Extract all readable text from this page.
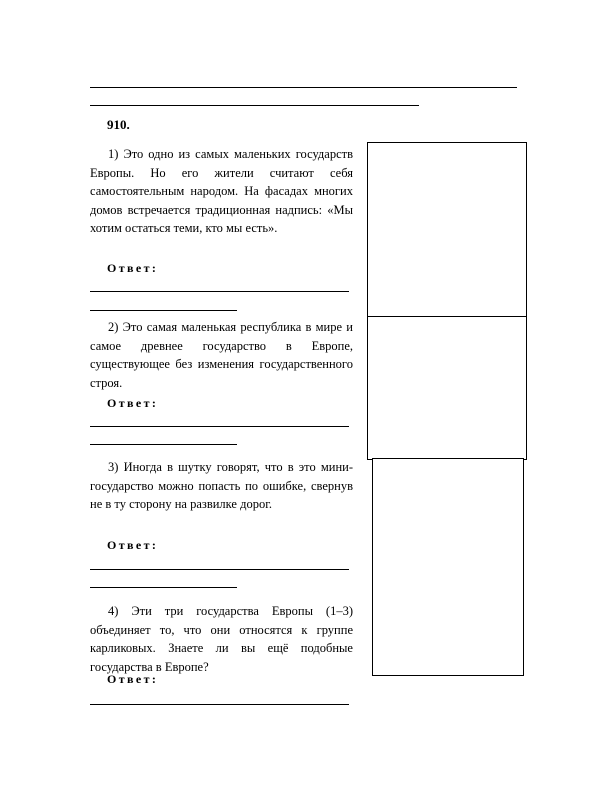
910.

1) Это одно из самых маленьких государств Европы. Но его жители считают себя самостоятельным народом. На фасадах многих домов встречается традиционная надпись: «Мы хотим остаться теми, кто мы есть».

Ответ:

2) Это самая маленькая республика в мире и самое древнее государство в Европе, существующее без изменения государственного строя.

Ответ:

3) Иногда в шутку говорят, что в это мини-государство можно попасть по ошибке, свернув не в ту сторону на развилке дорог.

Ответ:

4) Эти три государства Европы (1–3) объединяет то, что они относятся к группе карликовых. Знаете ли вы ещё подобные государства в Европе?

Ответ:
